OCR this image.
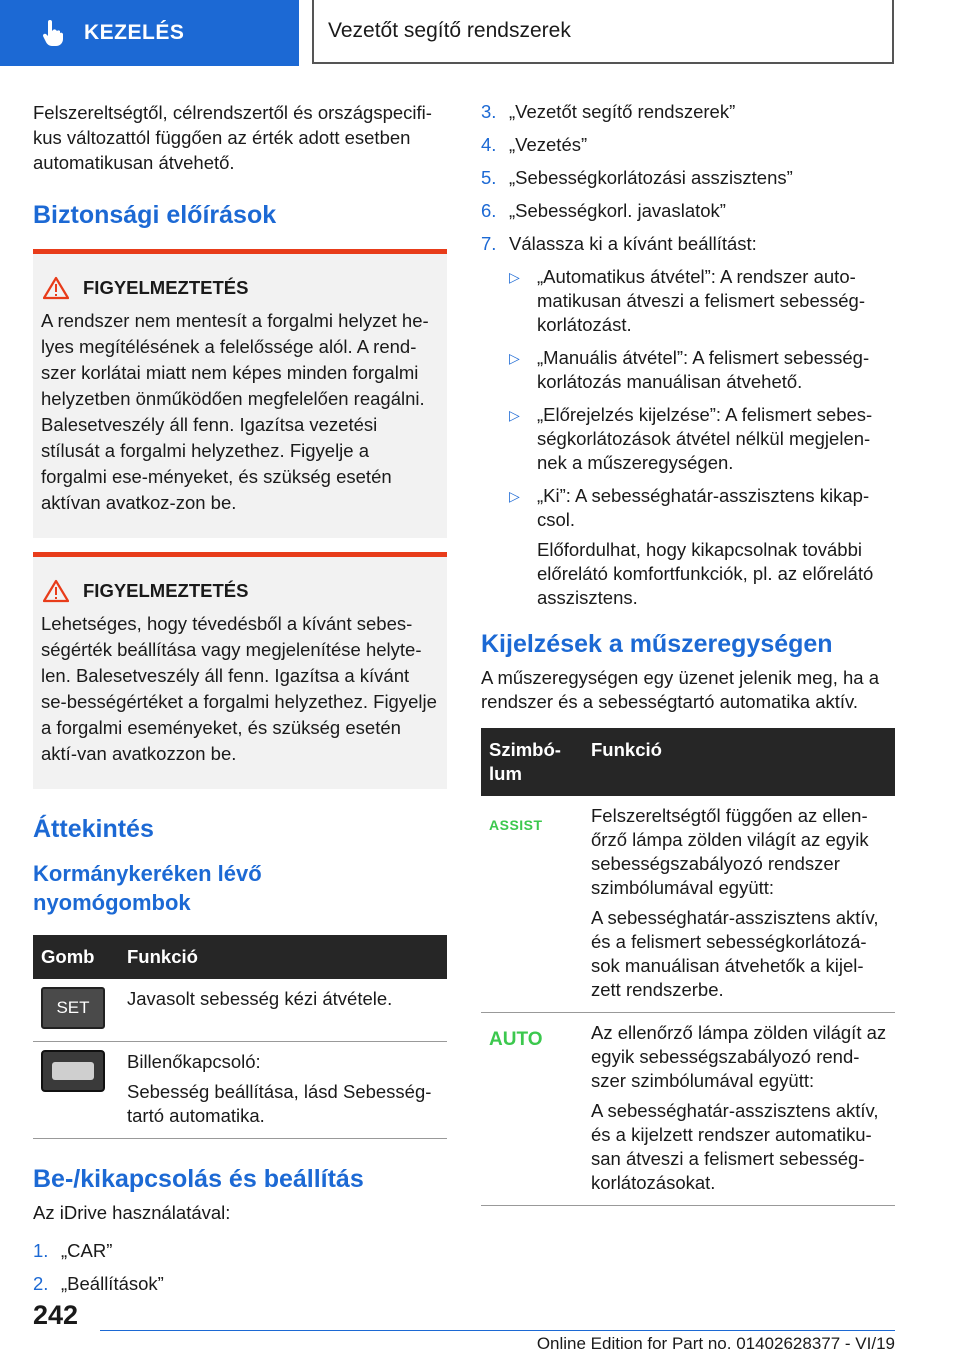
KEZELÉS	Vezetőt segítő rendszerek

Felszereltségtől, célrendszertől és országspecifi-kus változattól függően az érték adott esetben automatikusan átvehető.

Biztonsági előírások
FIGYELMEZTETÉS

A rendszer nem mentesít a forgalmi helyzet he-lyes megítélésének a felelőssége alól. A rend-szer korlátai miatt nem képes minden forgalmi helyzetben önműködően megfelelően reagálni. Balesetveszély áll fenn. Igazítsa vezetési stílusát a forgalmi helyzethez. Figyelje a forgalmi ese-ményeket, és szükség esetén aktívan avatkoz-zon be.

FIGYELMEZTETÉS

Lehetséges, hogy tévedésből a kívánt sebes-ségérték beállítása vagy megjelenítése helyte-len. Balesetveszély áll fenn. Igazítsa a kívánt se-bességértéket a forgalmi helyzethez. Figyelje a forgalmi eseményeket, és szükség esetén aktí-van avatkozzon be.

Áttekintés
Kormánykeréken lévő nyomógombok
Gomb	Funkció

SET	Javasolt sebesség kézi átvétele.

	Billenőkapcsoló:

Sebesség beállítása, lásd Sebesség-tartó automatika.

Be-/kikapcsolás és beállítás

Az iDrive használatával:

1. „CAR”
2. „Beállítások”
3. „Vezetőt segítő rendszerek”
4. „Vezetés”
5. „Sebességkorlátozási asszisztens”
6. „Sebességkorl. javaslatok”
7. Válassza ki a kívánt beállítást:
▷ „Automatikus átvétel”: A rendszer auto-matikusan átveszi a felismert sebesség-korlátozást.
▷ „Manuális átvétel”: A felismert sebesség-korlátozás manuálisan átvehető.
▷ „Előrejelzés kijelzése”: A felismert sebes-ségkorlátozások átvétel nélkül megjelen-nek a műszeregységen.
▷ „Ki”: A sebességhatár-asszisztens kikap-csol.

Előfordulhat, hogy kikapcsolnak további előrelátó komfortfunkciók, pl. az előrelátó asszisztens.

Kijelzések a műszeregységen

A műszeregységen egy üzenet jelenik meg, ha a rendszer és a sebességtartó automatika aktív.

Szimbó-lum	Funkció
ASSIST	Felszereltségtől függően az ellen-őrző lámpa zölden világít az egyik sebességszabályozó rendszer szimbólumával együtt:

A sebességhatár-asszisztens aktív, és a felismert sebességkorlátozá-sok manuálisan átvehetők a kijel-zett rendszerbe.

AUTO	Az ellenőrző lámpa zölden világít az egyik sebességszabályozó rend-szer szimbólumával együtt:

A sebességhatár-asszisztens aktív, és a kijelzett rendszer automatiku-san átveszi a felismert sebesség-korlátozásokat.

242
Online Edition for Part no. 01402628377 - VI/19
